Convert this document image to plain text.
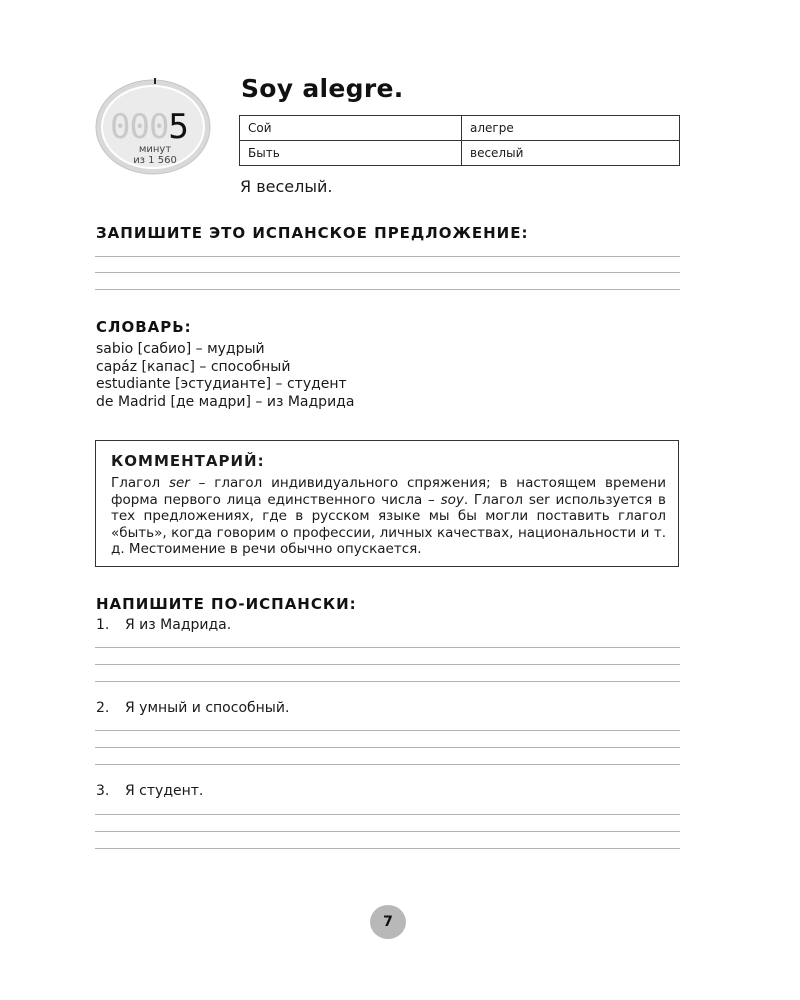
0005
минут
из 1 560
Soy alegre.
Сой	алегре
Быть	веселый
Я веселый.
ЗАПИШИТЕ ЭТО ИСПАНСКОЕ ПРЕДЛОЖЕНИЕ:
СЛОВАРЬ:
sabio [сабио] – мудрый
capáz [капас] – способный
estudiante [эстудианте] – студент
de Madrid [де мадри] – из Мадрида
КОММЕНТАРИЙ:
Глагол ser – глагол индивидуального спряжения; в настоящем времени форма первого лица единственного числа – soy. Глагол ser используется в тех предложениях, где в русском языке мы бы могли поставить глагол «быть», когда говорим о профессии, личных качествах, национальности и т. д. Местоимение в речи обычно опускается.
НАПИШИТЕ ПО-ИСПАНСКИ:
1. Я из Мадрида.
2. Я умный и способный.
3. Я студент.
7
